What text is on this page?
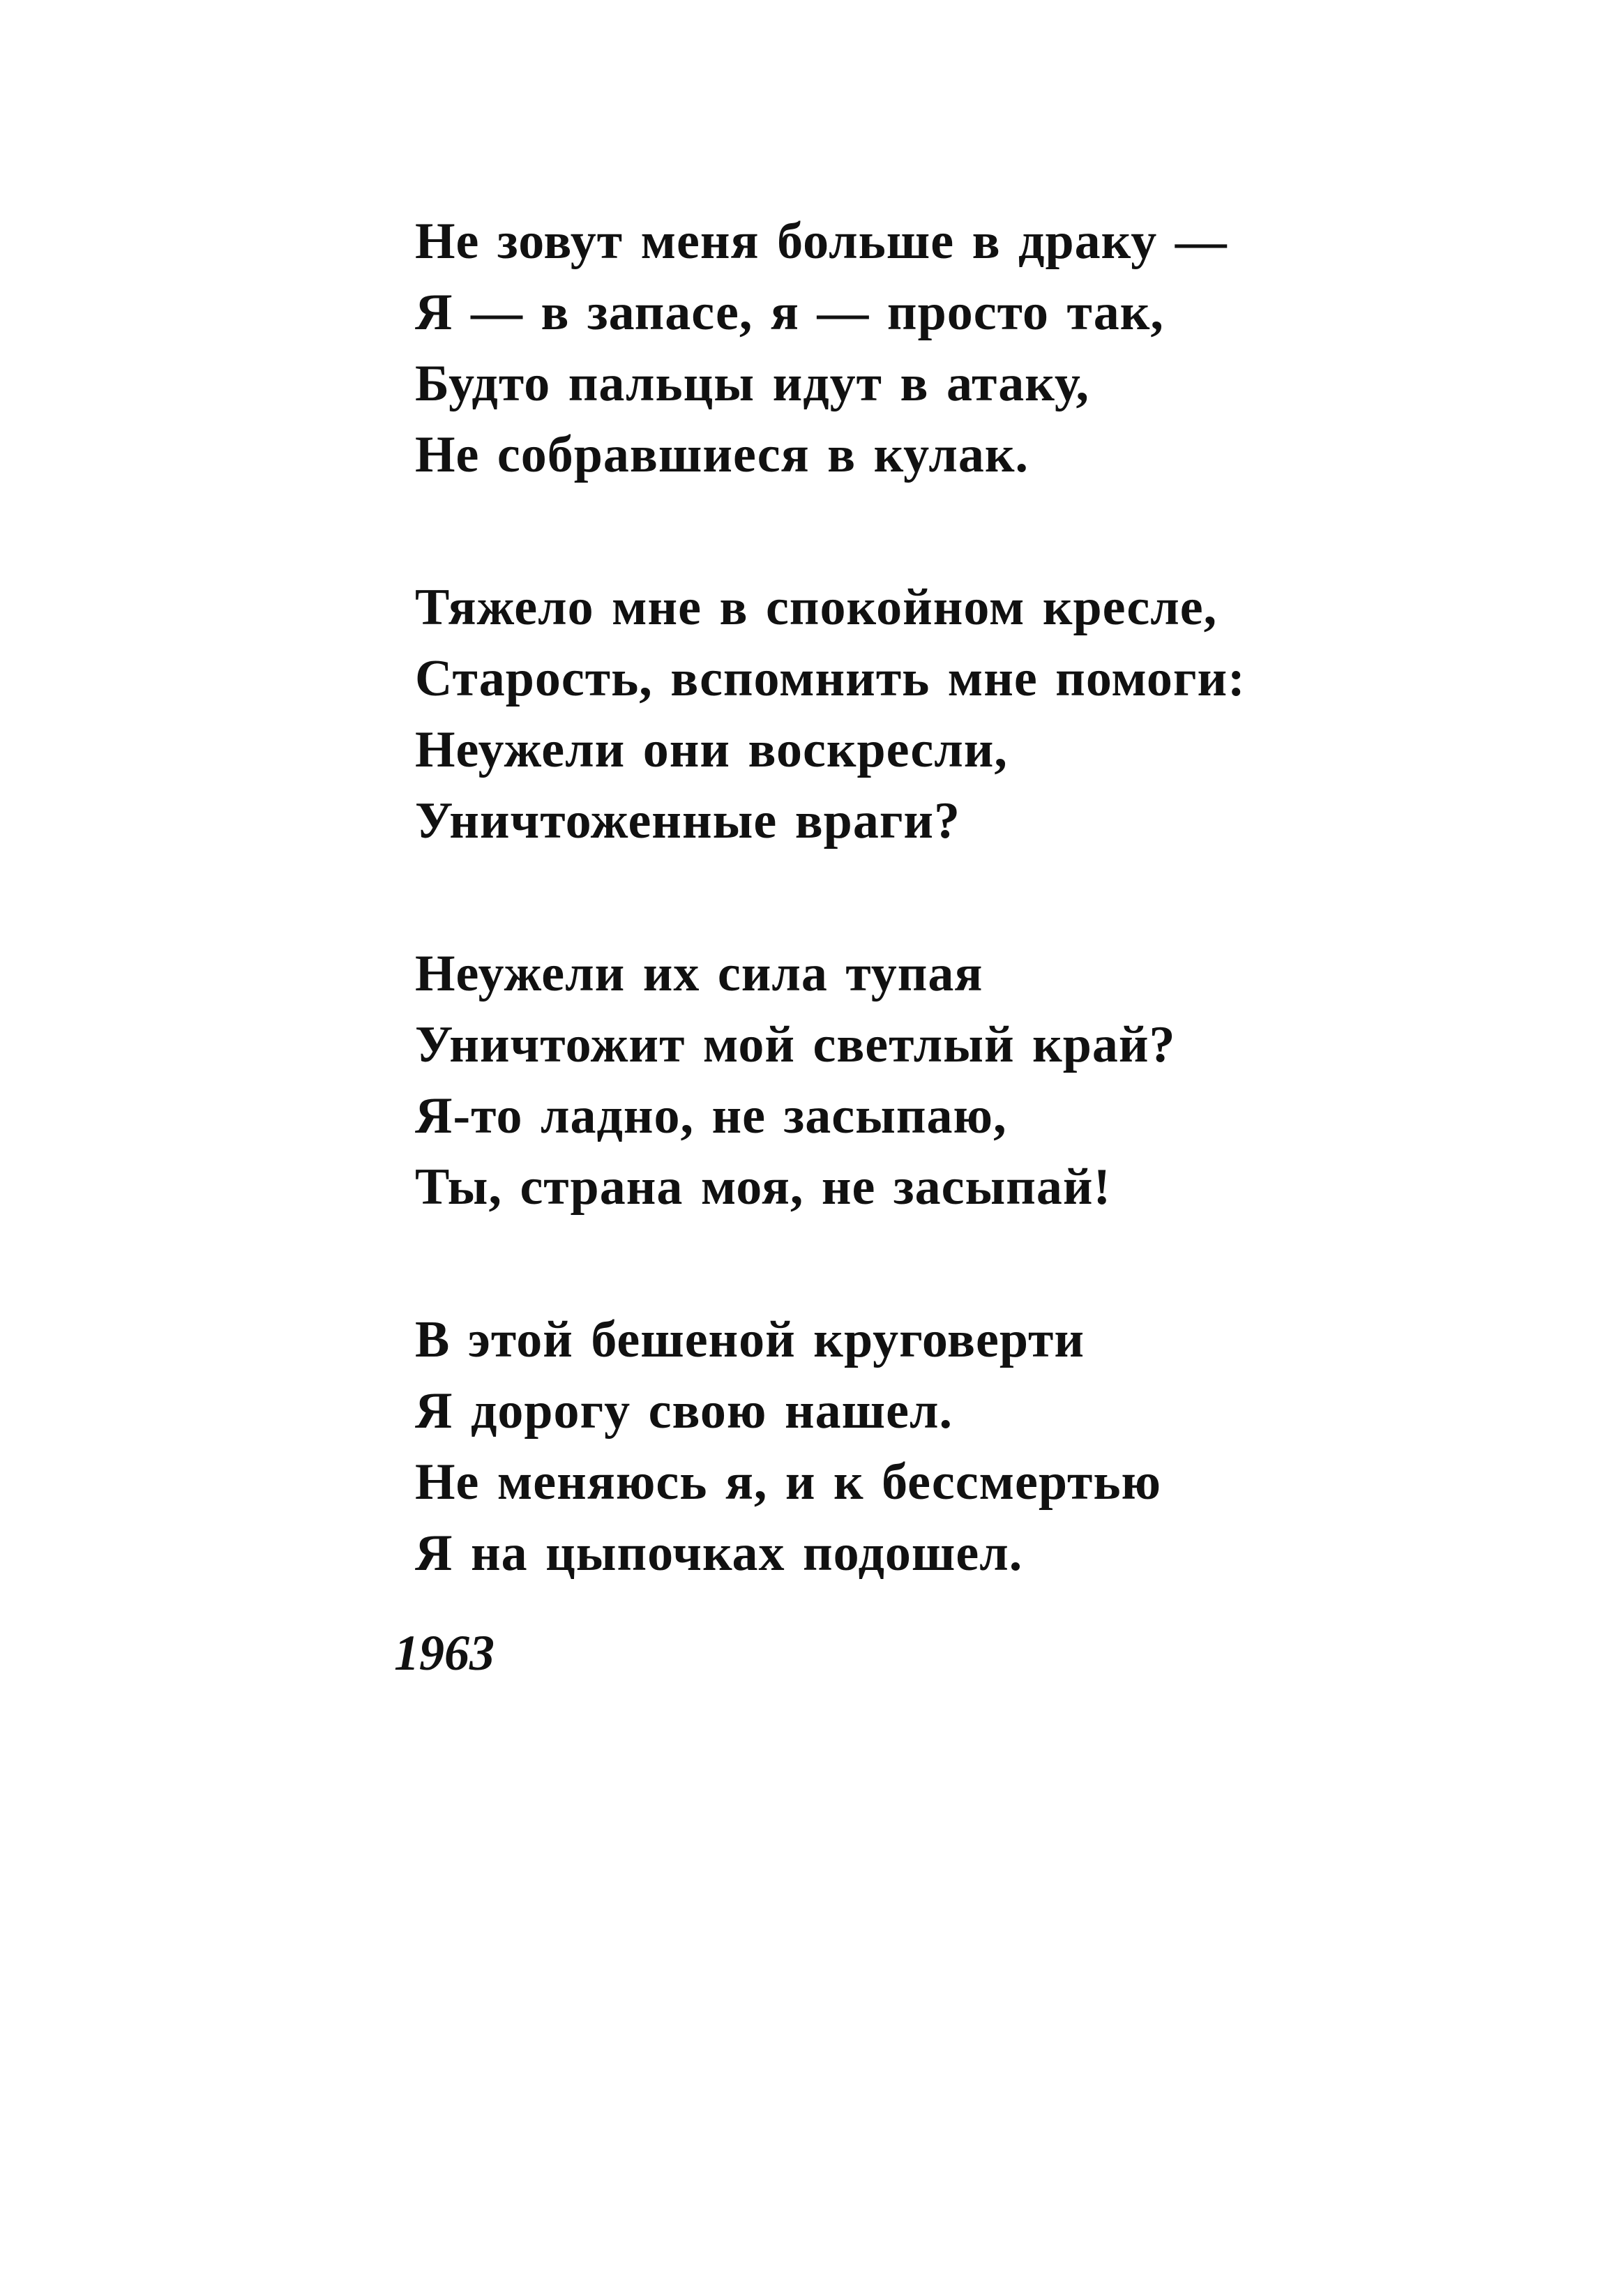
Не зовут меня больше в драку —
Я — в запасе, я — просто так,
Будто пальцы идут в атаку,
Не собравшиеся в кулак.
Тяжело мне в спокойном кресле,
Старость, вспомнить мне помоги:
Неужели они воскресли,
Уничтоженные враги?
Неужели их сила тупая
Уничтожит мой светлый край?
Я-то ладно, не засыпаю,
Ты, страна моя, не засыпай!
В этой бешеной круговерти
Я дорогу свою нашел.
Не меняюсь я, и к бессмертью
Я на цыпочках подошел.
1963
